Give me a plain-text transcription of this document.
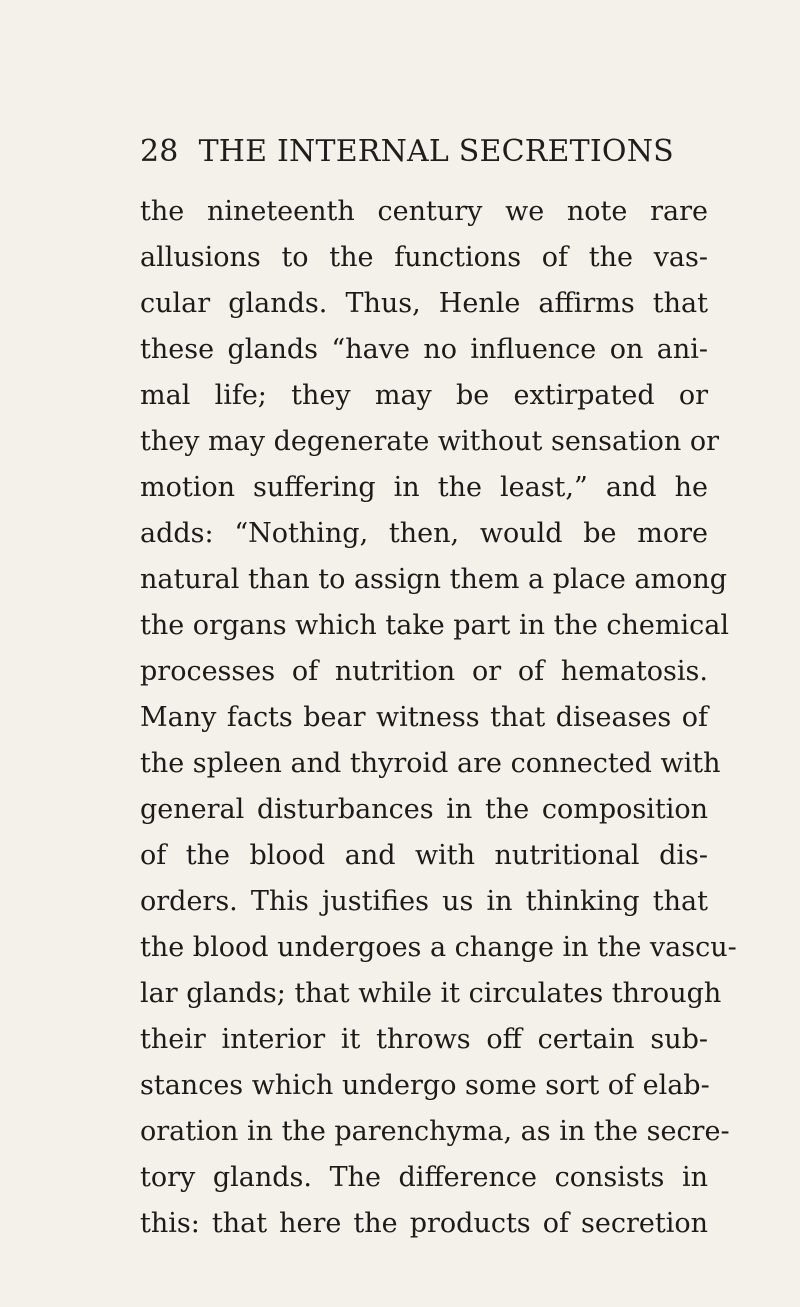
28 THE INTERNAL SECRETIONS
the nineteenth century we note rare
allusions to the functions of the vas-
cular glands. Thus, Henle affirms that
these glands “have no influence on ani-
mal life; they may be extirpated or
they may degenerate without sensation or
motion suffering in the least,” and he
adds: “Nothing, then, would be more
natural than to assign them a place among
the organs which take part in the chemical
processes of nutrition or of hematosis.
Many facts bear witness that diseases of
the spleen and thyroid are connected with
general disturbances in the composition
of the blood and with nutritional dis-
orders. This justifies us in thinking that
the blood undergoes a change in the vascu-
lar glands; that while it circulates through
their interior it throws off certain sub-
stances which undergo some sort of elab-
oration in the parenchyma, as in the secre-
tory glands. The difference consists in
this: that here the products of secretion
